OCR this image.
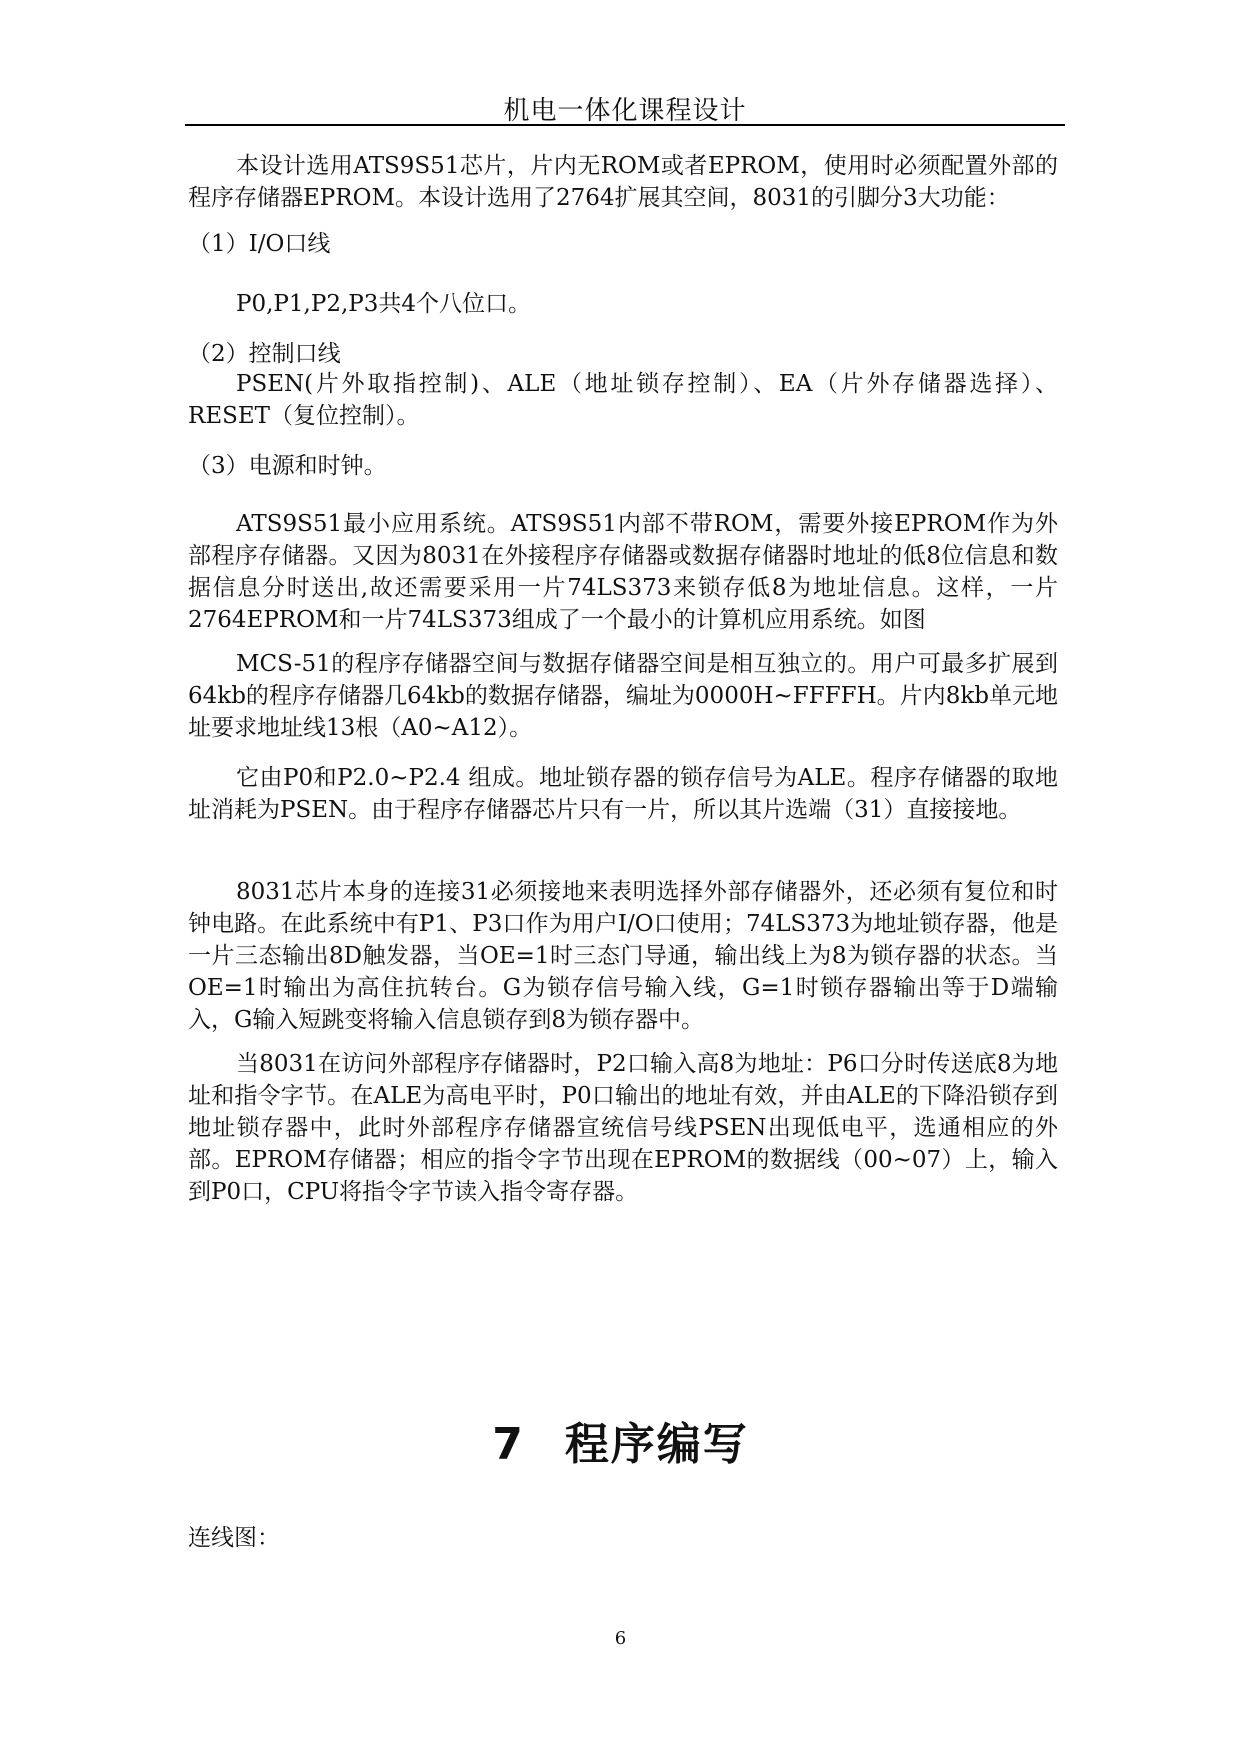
机电一体化课程设计

本设计选用ATS9S51芯片，片内无ROM或者EPROM，使用时必须配置外部的程序存储器EPROM。本设计选用了2764扩展其空间，8031的引脚分3大功能：

（1）I/O口线

P0,P1,P2,P3共4个八位口。

（2）控制口线

PSEN(片外取指控制)、ALE（地址锁存控制）、EA（片外存储器选择）、RESET（复位控制）。

（3）电源和时钟。

ATS9S51最小应用系统。ATS9S51内部不带ROM，需要外接EPROM作为外部程序存储器。又因为8031在外接程序存储器或数据存储器时地址的低8位信息和数据信息分时送出,故还需要采用一片74LS373来锁存低8为地址信息。这样，一片2764EPROM和一片74LS373组成了一个最小的计算机应用系统。如图

MCS-51的程序存储器空间与数据存储器空间是相互独立的。用户可最多扩展到64kb的程序存储器几64kb的数据存储器，编址为0000H~FFFFH。片内8kb单元地址要求地址线13根（A0~A12）。

它由P0和P2.0~P2.4 组成。地址锁存器的锁存信号为ALE。程序存储器的取地址消耗为PSEN。由于程序存储器芯片只有一片，所以其片选端（31）直接接地。

8031芯片本身的连接31必须接地来表明选择外部存储器外，还必须有复位和时钟电路。在此系统中有P1、P3口作为用户I/O口使用；74LS373为地址锁存器，他是一片三态输出8D触发器，当OE=1时三态门导通，输出线上为8为锁存器的状态。当OE=1时输出为高住抗转台。G为锁存信号输入线，G=1时锁存器输出等于D端输入，G输入短跳变将输入信息锁存到8为锁存器中。

当8031在访问外部程序存储器时，P2口输入高8为地址：P6口分时传送底8为地址和指令字节。在ALE为高电平时，P0口输出的地址有效，并由ALE的下降沿锁存到地址锁存器中，此时外部程序存储器宣统信号线PSEN出现低电平，选通相应的外部。EPROM存储器；相应的指令字节出现在EPROM的数据线（00~07）上，输入到P0口，CPU将指令字节读入指令寄存器。

7 程序编写

连线图：

6
